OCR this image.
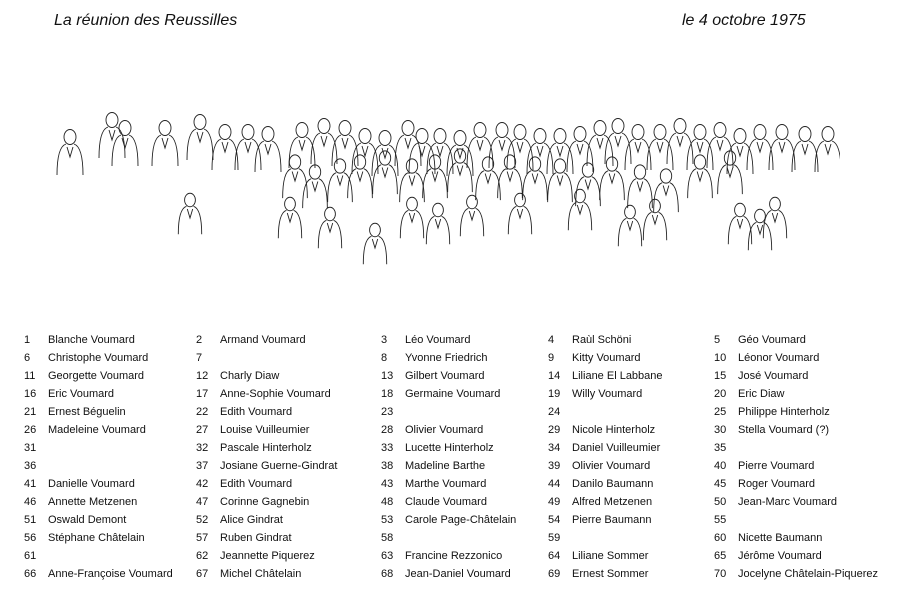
La réunion des Reussilles	le 4 octobre 1975
1 Blanche Voumard
6 Christophe Voumard
11 Georgette Voumard
16 Eric Voumard
21 Ernest Béguelin
26 Madeleine Voumard
31
36
41 Danielle Voumard
46 Annette Metzenen
51 Oswald Demont
56 Stéphane Châtelain
61
66 Anne-Françoise Voumard
2 Armand Voumard
7
12 Charly Diaw
17 Anne-Sophie Voumard
22 Edith Voumard
27 Louise Vuilleumier
32 Pascale Hinterholz
37 Josiane Guerne-Gindrat
42 Edith Voumard
47 Corinne Gagnebin
52 Alice Gindrat
57 Ruben Gindrat
62 Jeannette Piquerez
67 Michel Châtelain
3 Léo Voumard
8 Yvonne Friedrich
13 Gilbert Voumard
18 Germaine Voumard
23
28 Olivier Voumard
33 Lucette Hinterholz
38 Madeline Barthe
43 Marthe Voumard
48 Claude Voumard
53 Carole Page-Châtelain
58
63 Francine Rezzonico
68 Jean-Daniel Voumard
4 Raùl Schöni
9 Kitty Voumard
14 Liliane El Labbane
19 Willy Voumard
24
29 Nicole Hinterholz
34 Daniel Vuilleumier
39 Olivier Voumard
44 Danilo Baumann
49 Alfred Metzenen
54 Pierre Baumann
59
64 Liliane Sommer
69 Ernest Sommer
5 Géo Voumard
10 Léonor Voumard
15 José Voumard
20 Eric Diaw
25 Philippe Hinterholz
30 Stella Voumard (?)
35
40 Pierre Voumard
45 Roger Voumard
50 Jean-Marc Voumard
55
60 Nicette Baumann
65 Jérôme Voumard
70 Jocelyne Châtelain-Piquerez
